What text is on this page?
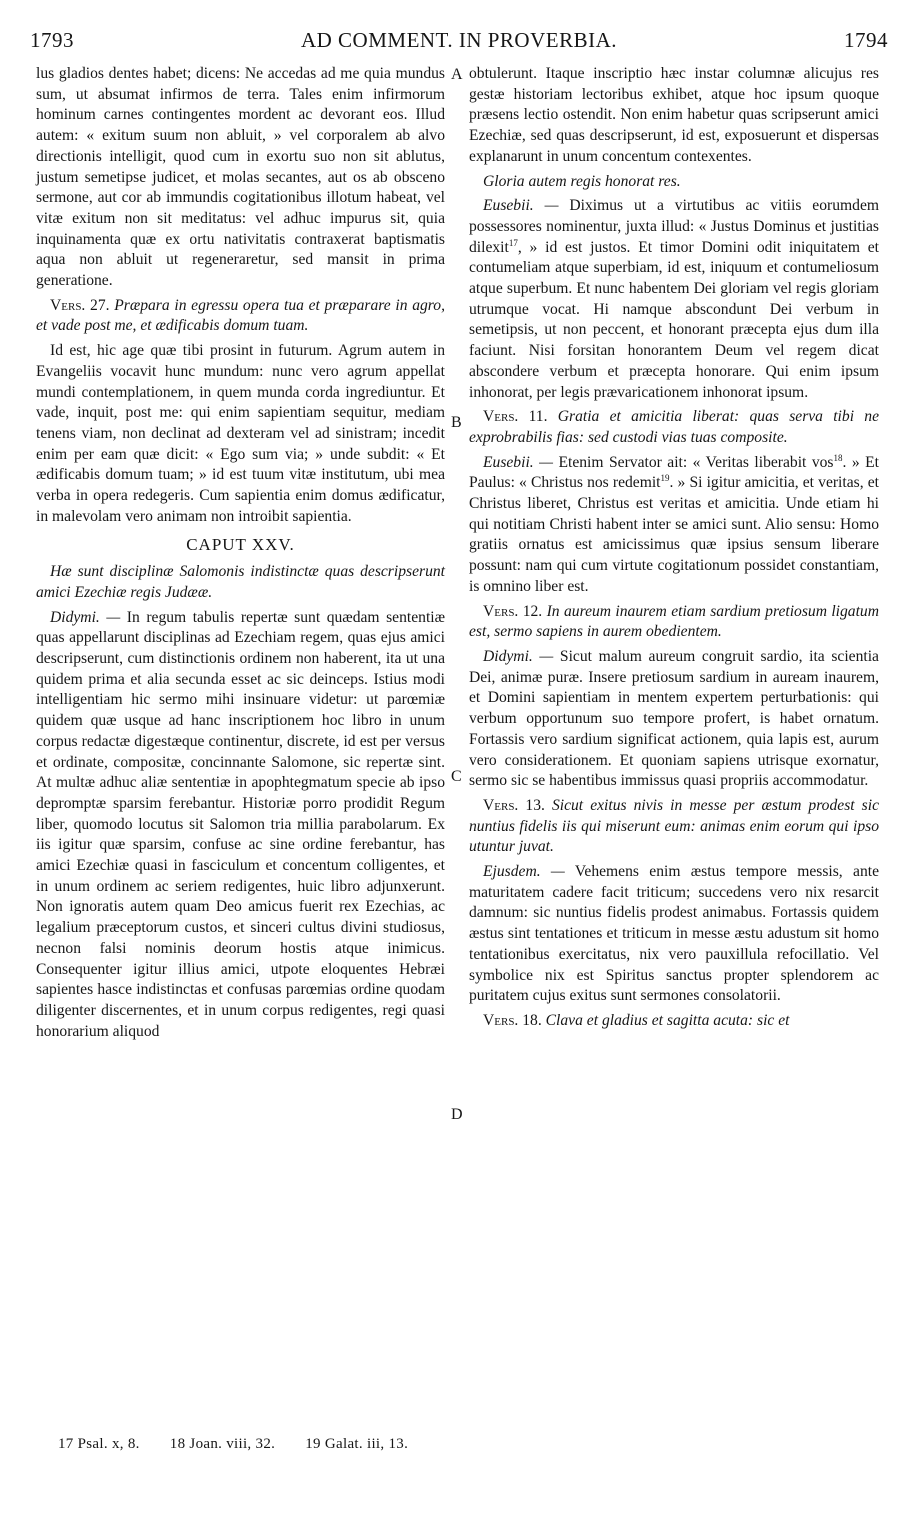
1793	AD COMMENT. IN PROVERBIA.	1794
A
B
C
D

lus gladios dentes habet; dicens: Ne accedas ad me quia mundus sum, ut absumat infirmos de terra. Tales enim infirmorum hominum carnes contingentes mordent ac devorant eos. Illud autem: « exitum suum non abluit, » vel corporalem ab alvo directionis intelligit, quod cum in exortu suo non sit ablutus, justum semetipse judicet, et molas secantes, aut os ab obsceno sermone, aut cor ab immundis cogitationibus illotum habeat, vel vitæ exitum non sit meditatus: vel adhuc impurus sit, quia inquinamenta quæ ex ortu nativitatis contraxerat baptismatis aqua non abluit ut regeneraretur, sed mansit in prima generatione.

Vers. 27. Præpara in egressu opera tua et præparare in agro, et vade post me, et ædificabis domum tuam.

Id est, hic age quæ tibi prosint in futurum. Agrum autem in Evangeliis vocavit hunc mundum: nunc vero agrum appellat mundi contemplationem, in quem munda corda ingrediuntur. Et vade, inquit, post me: qui enim sapientiam sequitur, mediam tenens viam, non declinat ad dexteram vel ad sinistram; incedit enim per eam quæ dicit: « Ego sum via; » unde subdit: « Et ædificabis domum tuam; » id est tuum vitæ institutum, ubi mea verba in opera redegeris. Cum sapientia enim domus ædificatur, in malevolam vero animam non introibit sapientia.

CAPUT XXV.

Hæ sunt disciplinæ Salomonis indistinctæ quas descripserunt amici Ezechiæ regis Judææ.

Didymi. — In regum tabulis repertæ sunt quædam sententiæ quas appellarunt disciplinas ad Ezechiam regem, quas ejus amici descripserunt, cum distinctionis ordinem non haberent, ita ut una quidem prima et alia secunda esset ac sic deinceps. Istius modi intelligentiam hic sermo mihi insinuare videtur: ut parœmiæ quidem quæ usque ad hanc inscriptionem hoc libro in unum corpus redactæ digestæque continentur, discrete, id est per versus et ordinate, compositæ, concinnante Salomone, sic repertæ sint. At multæ adhuc aliæ sententiæ in apophtegmatum specie ab ipso depromptæ sparsim ferebantur. Historiæ porro prodidit Regum liber, quomodo locutus sit Salomon tria millia parabolarum. Ex iis igitur quæ sparsim, confuse ac sine ordine ferebantur, has amici Ezechiæ quasi in fasciculum et concentum colligentes, et in unum ordinem ac seriem redigentes, huic libro adjunxerunt. Non ignoratis autem quam Deo amicus fuerit rex Ezechias, ac legalium præceptorum custos, et sinceri cultus divini studiosus, necnon falsi nominis deorum hostis atque inimicus. Consequenter igitur illius amici, utpote eloquentes Hebræi sapientes hasce indistinctas et confusas parœmias ordine quodam diligenter discernentes, et in unum corpus redigentes, regi quasi honorarium aliquod

obtulerunt. Itaque inscriptio hæc instar columnæ alicujus res gestæ historiam lectoribus exhibet, atque hoc ipsum quoque præsens lectio ostendit. Non enim habetur quas scripserunt amici Ezechiæ, sed quas descripserunt, id est, exposuerunt et dispersas explanarunt in unum concentum contexentes.

Gloria autem regis honorat res.

Eusebii. — Diximus ut a virtutibus ac vitiis eorumdem possessores nominentur, juxta illud: « Justus Dominus et justitias dilexit$^{17}$, » id est justos. Et timor Domini odit iniquitatem et contumeliam atque superbiam, id est, iniquum et contumeliosum atque superbum. Et nunc habentem Dei gloriam vel regis gloriam utrumque vocat. Hi namque abscondunt Dei verbum in semetipsis, ut non peccent, et honorant præcepta ejus dum illa faciunt. Nisi forsitan honorantem Deum vel regem dicat abscondere verbum et præcepta honorare. Qui enim ipsum inhonorat, per legis prævaricationem inhonorat ipsum.

Vers. 11. Gratia et amicitia liberat: quas serva tibi ne exprobrabilis fias: sed custodi vias tuas composite.

Eusebii. — Etenim Servator ait: « Veritas liberabit vos$^{18}$. » Et Paulus: « Christus nos redemit$^{19}$. » Si igitur amicitia, et veritas, et Christus liberet, Christus est veritas et amicitia. Unde etiam hi qui notitiam Christi habent inter se amici sunt. Alio sensu: Homo gratiis ornatus est amicissimus quæ ipsius sensum liberare possunt: nam qui cum virtute cogitationum possidet constantiam, is omnino liber est.

Vers. 12. In aureum inaurem etiam sardium pretiosum ligatum est, sermo sapiens in aurem obedientem.

Didymi. — Sicut malum aureum congruit sardio, ita scientia Dei, animæ puræ. Insere pretiosum sardium in auream inaurem, et Domini sapientiam in mentem expertem perturbationis: qui verbum opportunum suo tempore profert, is habet ornatum. Fortassis vero sardium significat actionem, quia lapis est, aurum vero considerationem. Et quoniam sapiens utrisque exornatur, sermo sic se habentibus immissus quasi propriis accommodatur.

Vers. 13. Sicut exitus nivis in messe per æstum prodest sic nuntius fidelis iis qui miserunt eum: animas enim eorum qui ipso utuntur juvat.

Ejusdem. — Vehemens enim æstus tempore messis, ante maturitatem cadere facit triticum; succedens vero nix resarcit damnum: sic nuntius fidelis prodest animabus. Fortassis quidem æstus sint tentationes et triticum in messe æstu adustum sit homo tentationibus exercitatus, nix vero pauxillula refocillatio. Vel symbolice nix est Spiritus sanctus propter splendorem ac puritatem cujus exitus sunt sermones consolatorii.

Vers. 18. Clava et gladius et sagitta acuta: sic et

17 Psal. x, 8. 18 Joan. viii, 32. 19 Galat. iii, 13.
